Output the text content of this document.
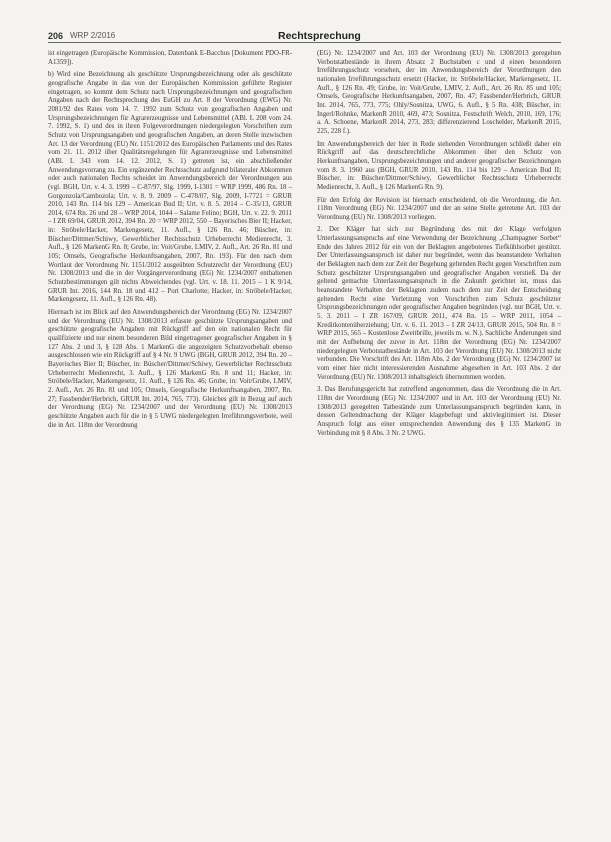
206 WRP 2/2016	Rechtsprechung

ist eingetragen (Europäische Kommission, Datenbank E-Bacchus [Dokument PDO-FR-A1359]).

b) Wird eine Bezeichnung als geschützte Ursprungsbezeichnung oder als geschützte geografische Angabe in das von der Europäischen Kommission geführte Register eingetragen, so kommt dem Schutz nach Ursprungsbezeichnungen und geografischen Angaben nach der Rechtsprechung des EuGH zu Art. 8 der Verordnung (EWG) Nr. 2081/92 des Rates vom 14. 7. 1992 zum Schutz von geografischen Angaben und Ursprungsbezeichnungen für Agrarerzeugnisse und Lebensmittel (ABl. L 208 vom 24. 7. 1992, S. 1) und des in ihren Folgeverordnungen niedergelegten Vorschriften zum Schutz von Ursprungsangaben und geografischen Angaben, an deren Stelle inzwischen Art. 13 der Verordnung (EU) Nr. 1151/2012 des Europäischen Parlaments und des Rates vom 21. 11. 2012 über Qualitätsregelungen für Agrarerzeugnisse und Lebensmittel (ABl. L 343 vom 14. 12. 2012, S. 1) getreten ist, ein abschließender Anwendungsvorrang zu. Ein ergänzender Rechtsschutz aufgrund bilateraler Abkommen oder auch nationalen Rechts scheidet im Anwendungsbereich der Verordnungen aus (vgl. BGH, Urt. v. 4. 3. 1999 – C-87/97, Slg. 1999, I-1301 = WRP 1999, 486 Rn. 18 – Gorgonzola/Cambozola; Urt. v. 8. 9. 2009 – C-478/07, Slg. 2009, I-7721 = GRUR 2010, 143 Rn. 114 bis 129 – American Bud II; Urt. v. 8. 5. 2014 – C-35/13, GRUR 2014, 674 Rn. 26 und 28 – WRP 2014, 1044 – Salame Felino; BGH, Urt. v. 22. 9. 2011 – I ZR 69/04, GRUR 2012, 394 Rn. 20 = WRP 2012, 550 – Bayerisches Bier II; Hacker, in: Ströbele/Hacker, Markengesetz, 11. Aufl., § 126 Rn. 46; Büscher, in: Büscher/Dittmer/Schiwy, Gewerblicher Rechtsschutz Urheberrecht Medienrecht, 3. Aufl., § 126 MarkenG Rn. 8; Grube, in: Voit/Grube, LMIV, 2. Aufl., Art. 26 Rn. 81 und 105; Omsels, Geografische Herkunftsangaben, 2007, Rn. 193). Für den nach dem Wortlaut der Verordnung Nr. 1151/2012 ausgeübten Schutzrecht der Verordnung (EU) Nr. 1308/2013 und die in der Vorgängerverordnung (EG) Nr. 1234/2007 enthaltenen Schutzbestimmungen gilt nichts Abweichendes (vgl. Urt. v. 18. 11. 2015 – 1 K 9/14, GRUR Int. 2016, 144 Rn. 18 und 412 – Port Charlotte; Hacker, in: Ströbele/Hacker, Markengesetz, 11. Aufl., § 126 Rn. 48).

Hiernach ist im Blick auf den Anwendungsbereich der Verordnung (EG) Nr. 1234/2007 und der Verordnung (EU) Nr. 1308/2013 erfasste geschützte Ursprungsangaben und geschützte geografische Angaben mit Rückgriff auf den ein nationalen Recht für qualifizierte und nur einem besonderen Bild eingetragener geografischer Angaben in § 127 Abs. 2 und 3, § 128 Abs. 1 MarkenG die angezeigten Schutzvorbehalt ebenso ausgeschlossen wie ein Rückgriff auf § 4 Nr. 9 UWG (BGH, GRUR 2012, 394 Rn. 20 – Bayerisches Bier II; Büscher, in: Büscher/Dittmer/Schiwy, Gewerblicher Rechtsschutz Urheberrecht Medienrecht, 3. Aufl., § 126 MarkenG Rn. 8 und 11; Hacker, in: Ströbele/Hacker, Markengesetz, 11. Aufl., § 126 Rn. 46; Grube, in: Voit/Grube, LMIV, 2. Aufl., Art. 26 Rn. 81 und 105; Omsels, Geografische Herkunftsangaben, 2007, Rn. 27; Fassbender/Herbrich, GRUR Int. 2014, 765, 773). Gleiches gilt in Bezug auf auch der Verordnung (EG) Nr. 1234/2007 und der Verordnung (EU) Nr. 1308/2013 geschützte Angaben auch für die in § 5 UWG niedergelegten Irreführungsverbote, weil die in Art. 118m der Verordnung

(EG) Nr. 1234/2007 und Art. 103 der Verordnung (EU) Nr. 1308/2013 geregelten Verbotstatbestände in ihrem Absatz 2 Buchstaben c und d einen besonderen Irreführungsschutz vorsehen, der im Anwendungsbereich der Verordnungen den nationalen Irreführungsschutz ersetzt (Hacker, in: Ströbele/Hacker, Markengesetz, 11. Aufl., § 126 Rn. 49; Grube, in: Voit/Grube, LMIV, 2. Aufl., Art. 26 Rn. 85 und 105; Omsels, Geografische Herkunftsangaben, 2007, Rn. 47; Fassbender/Herbrich, GRUR Int. 2014, 765, 773, 775; Ohly/Sosnitza, UWG, 6. Aufl., § 5 Rn. 438; Büscher, in: Ingerl/Rohnke, MarkenR 2010, 469, 473; Sosnitza, Festschrift Welch, 2010, 169, 176; a. A. Schoene, MarkenR 2014, 273, 283; differenzierend Loschelder, MarkenR 2015, 225, 228 f.).

Im Anwendungsbereich der hier in Rede stehenden Verordnungen schließt daher ein Rückgriff auf das deutschrechtliche Abkommen über den Schutz von Herkunftsangaben, Ursprungsbezeichnungen und anderer geografischer Bezeichnungen vom 8. 3. 1960 aus (BGH, GRUR 2010, 143 Rn. 114 bis 129 – American Bud II; Büscher, in: Büscher/Dittmer/Schiwy, Gewerblicher Rechtsschutz Urheberrecht Medienrecht, 3. Aufl., § 126 MarkenG Rn. 9).

Für den Erfolg der Revision ist hiernach entscheidend, ob die Verordnung, die Art. 118m Verordnung (EG) Nr. 1234/2007 und der an seine Stelle getretene Art. 103 der Verordnung (EU) Nr. 1308/2013 vorliegen.

2. Der Kläger hat sich zur Begründung des mit der Klage verfolgten Unterlassungsanspruchs auf eine Verwendung der Bezeichnung „Champagner Sorbet“ Ende des Jahres 2012 für ein von der Beklagten angebotenes Tiefkühlsorbet gestützt. Der Unterlassungsanspruch ist daher nur begründet, wenn das beanstandete Verhalten der Beklagten nach dem zur Zeit der Begehung geltenden Recht gegen Vorschriften zum Schutz geschützter Ursprungsangaben und geografischer Angaben verstieß. Da der geltend gemachte Unterlassungsanspruch in die Zukunft gerichtet ist, muss das beanstandete Verhalten der Beklagten zudem nach dem zur Zeit der Entscheidung geltenden Recht eine Verletzung von Vorschriften zum Schutz geschützter Ursprungsbezeichnungen oder geografischer Angaben begründen (vgl. nur BGH, Urt. v. 5. 3. 2011 – I ZR 167/09, GRUR 2011, 474 Rn. 15 – WRP 2011, 1054 – Kreditkontenüberziehung; Urt. v. 6. 11. 2013 – I ZR 24/13, GRUR 2015, 504 Rn. 8 = WRP 2015, 565 – Kostenlose Zweitbrille, jeweils m. w. N.). Sachliche Änderungen sind mit der Aufhebung der zuvor in Art. 118m der Verordnung (EG) Nr. 1234/2007 niedergelegten Verbotstatbestände in Art. 103 der Verordnung (EU) Nr. 1308/2013 nicht verbunden. Die Vorschrift des Art. 118m Abs. 2 der Verordnung (EG) Nr. 1234/2007 ist vom einer hier nicht interessierenden Ausnahme abgesehen in Art. 103 Abs. 2 der Verordnung (EU) Nr. 1308/2013 inhaltsgleich übernommen worden.

3. Das Berufungsgericht hat zutreffend angenommen, dass die Verordnung die in Art. 118m der Verordnung (EG) Nr. 1234/2007 und in Art. 103 der Verordnung (EU) Nr. 1308/2013 geregelten Tatbestände zum Unterlassungsanspruch begründen kann, in dessen Geltendmachung der Kläger klagebefugt und aktivlegitimiert ist. Dieser Anspruch folgt aus einer entsprechenden Anwendung des § 135 MarkenG in Verbindung mit § 8 Abs. 3 Nr. 2 UWG.
